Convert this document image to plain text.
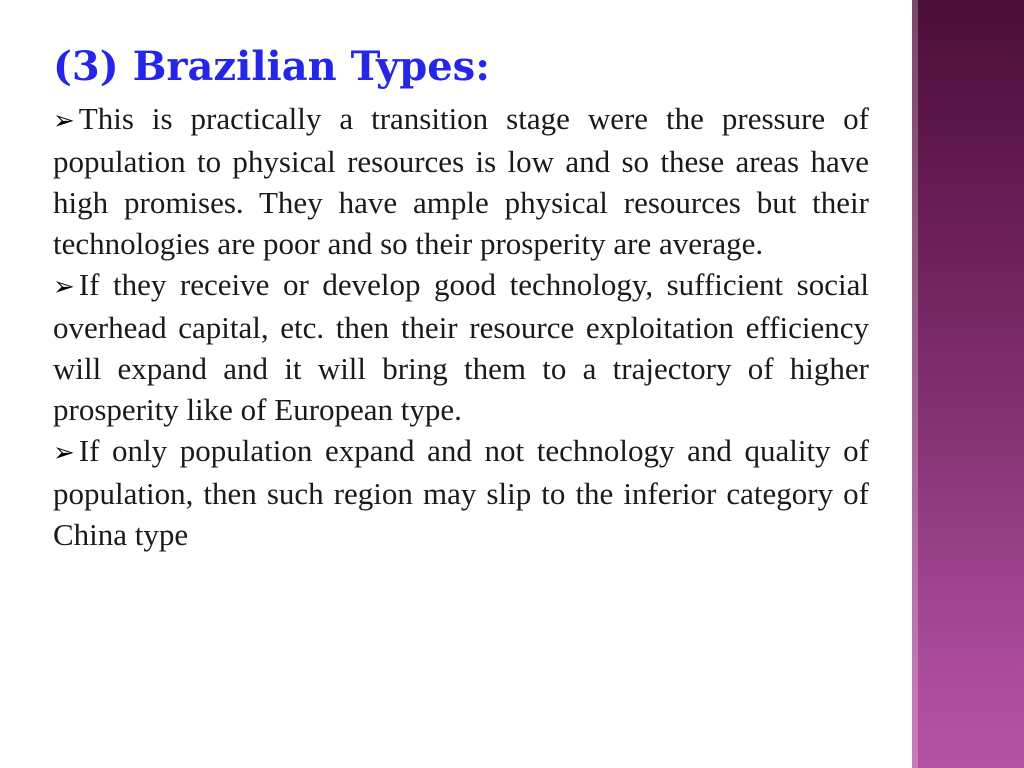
(3) Brazilian Types:
➢ This is practically a transition stage were the pressure of population to physical resources is low and so these areas have high promises. They have ample physical resources but their technologies are poor and so their prosperity are average.
➢ If they receive or develop good technology, sufficient social overhead capital, etc. then their resource exploitation efficiency will expand and it will bring them to a trajectory of higher prosperity like of European type.
➢ If only population expand and not technology and quality of population, then such region may slip to the inferior category of China type
